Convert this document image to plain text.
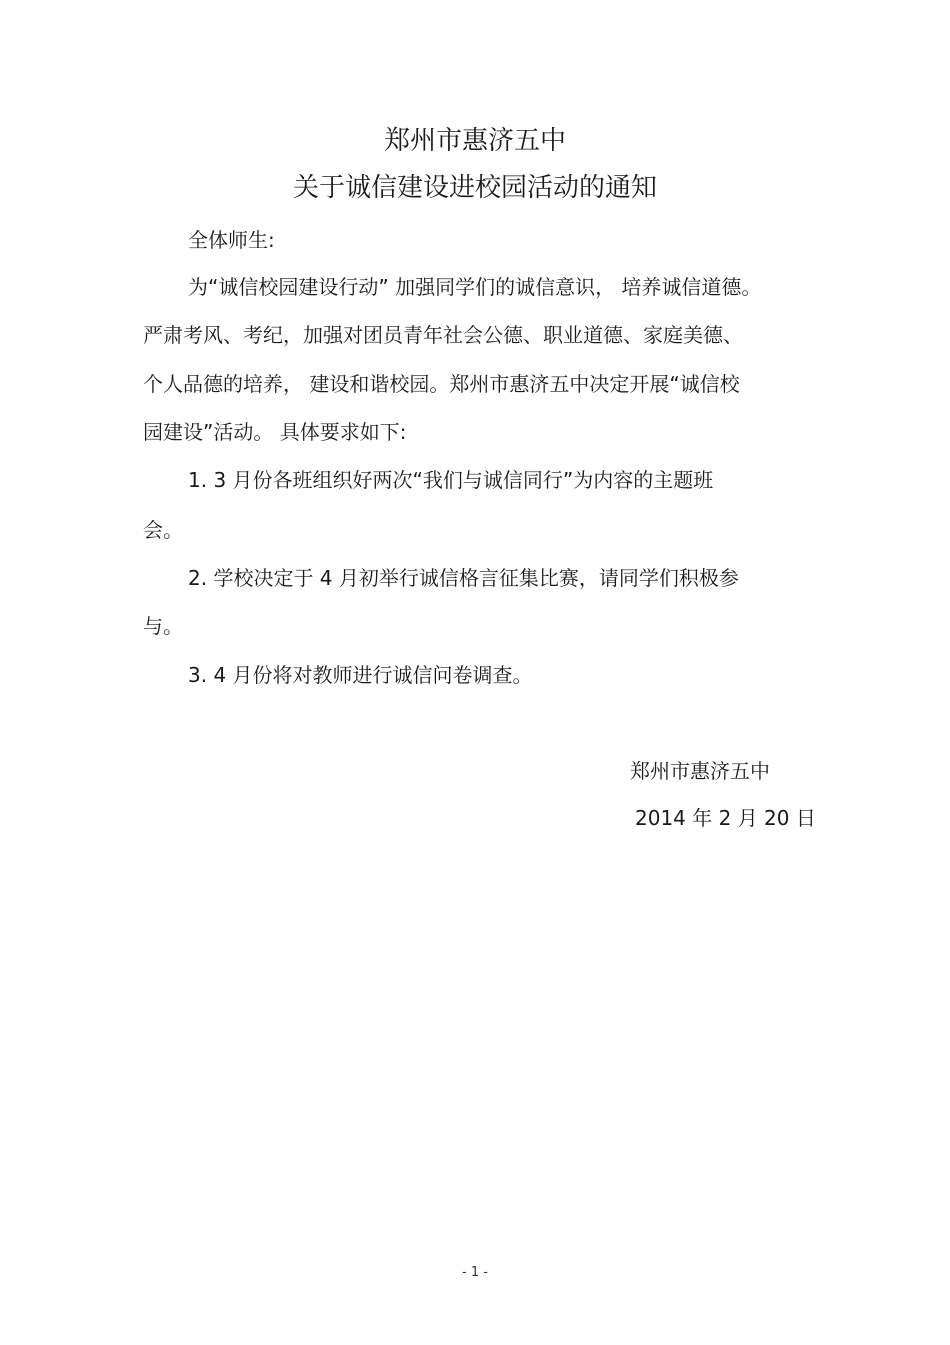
郑州市惠济五中
关于诚信建设进校园活动的通知
全体师生:
为“诚信校园建设行动” 加强同学们的诚信意识， 培养诚信道德。
严肃考风、考纪，加强对团员青年社会公德、职业道德、家庭美德、
个人品德的培养， 建设和谐校园。郑州市惠济五中决定开展“诚信校
园建设”活动。 具体要求如下:
1. 3 月份各班组织好两次“我们与诚信同行”为内容的主题班
会。
2. 学校决定于 4 月初举行诚信格言征集比赛，请同学们积极参
与。
3. 4 月份将对教师进行诚信问卷调查。
郑州市惠济五中
2014 年 2 月 20 日
- 1 -
